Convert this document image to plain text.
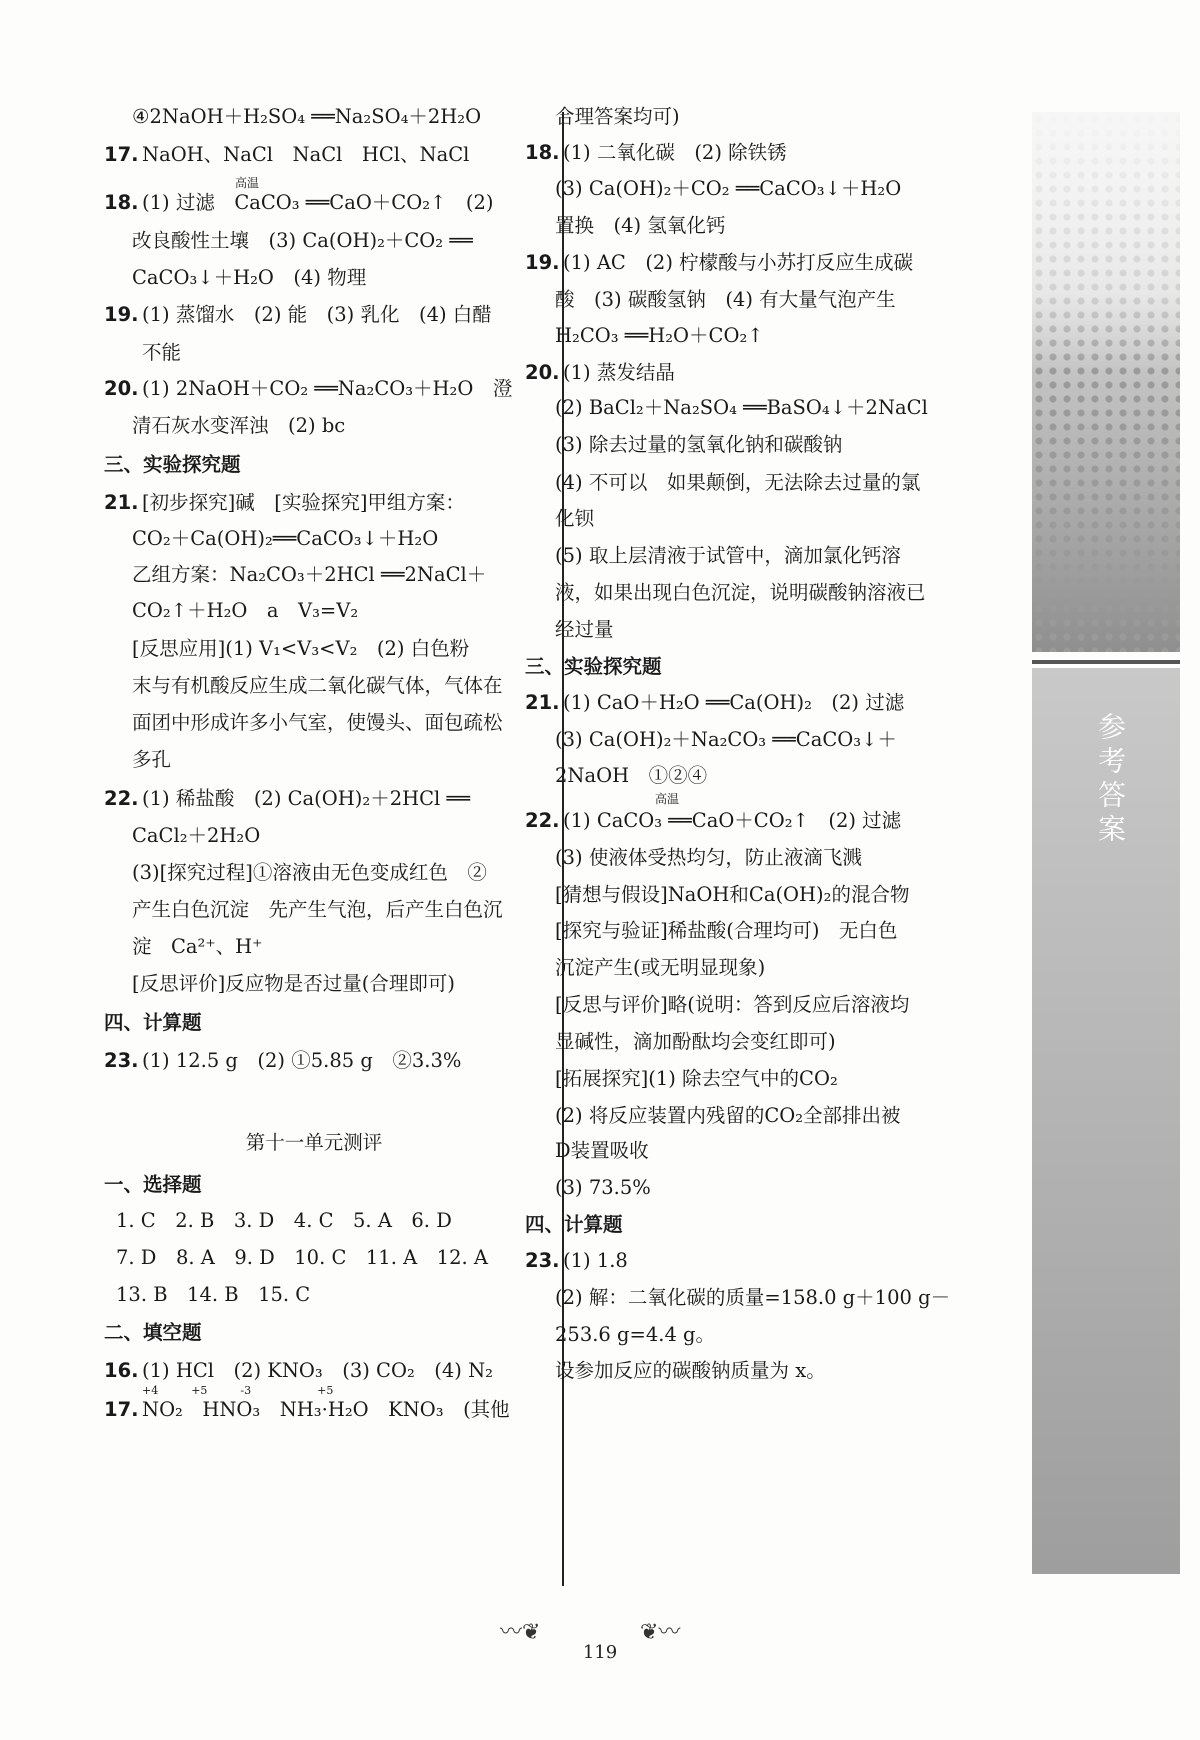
④2NaOH＋H₂SO₄ ══Na₂SO₄＋2H₂O
17. NaOH、NaCl　NaCl　HCl、NaCl
高温
18. (1) 过滤　CaCO₃ ══CaO＋CO₂↑　(2)
改良酸性土壤　(3) Ca(OH)₂＋CO₂ ══
CaCO₃↓＋H₂O　(4) 物理
19. (1) 蒸馏水　(2) 能　(3) 乳化　(4) 白醋
不能
20. (1) 2NaOH＋CO₂ ══Na₂CO₃＋H₂O　澄
清石灰水变浑浊　(2) bc
三、实验探究题
21. [初步探究]碱　[实验探究]甲组方案：
CO₂＋Ca(OH)₂══CaCO₃↓＋H₂O
乙组方案：Na₂CO₃＋2HCl ══2NaCl＋
CO₂↑＋H₂O　a　V₃=V₂
[反思应用](1) V₁<V₃<V₂　(2) 白色粉
末与有机酸反应生成二氧化碳气体，气体在
面团中形成许多小气室，使馒头、面包疏松
多孔
22. (1) 稀盐酸　(2) Ca(OH)₂＋2HCl ══
CaCl₂＋2H₂O
(3)[探究过程]①溶液由无色变成红色　②
产生白色沉淀　先产生气泡，后产生白色沉
淀　Ca²⁺、H⁺
[反思评价]反应物是否过量(合理即可)
四、计算题
23. (1) 12.5 g　(2) ①5.85 g　②3.3%
第十一单元测评
一、选择题
1. C　2. B　3. D　4. C　5. A　6. D
7. D　8. A　9. D　10. C　11. A　12. A
13. B　14. B　15. C
二、填空题
16. (1) HCl　(2) KNO₃　(3) CO₂　(4) N₂
+4　　　+5　　　-3　　　　　　+5
17. NO₂　HNO₃　NH₃·H₂O　KNO₃　(其他
合理答案均可)
18. (1) 二氧化碳　(2) 除铁锈
(3) Ca(OH)₂＋CO₂ ══CaCO₃↓＋H₂O
置换　(4) 氢氧化钙
19. (1) AC　(2) 柠檬酸与小苏打反应生成碳
酸　(3) 碳酸氢钠　(4) 有大量气泡产生
H₂CO₃ ══H₂O＋CO₂↑
20. (1) 蒸发结晶
(2) BaCl₂＋Na₂SO₄ ══BaSO₄↓＋2NaCl
(3) 除去过量的氢氧化钠和碳酸钠
(4) 不可以　如果颠倒，无法除去过量的氯
化钡
(5) 取上层清液于试管中，滴加氯化钙溶
液，如果出现白色沉淀，说明碳酸钠溶液已
经过量
三、实验探究题
21. (1) CaO＋H₂O ══Ca(OH)₂　(2) 过滤
(3) Ca(OH)₂＋Na₂CO₃ ══CaCO₃↓＋
2NaOH　①②④
高温
22. (1) CaCO₃ ══CaO＋CO₂↑　(2) 过滤
(3) 使液体受热均匀，防止液滴飞溅
[猜想与假设]NaOH和Ca(OH)₂的混合物
[探究与验证]稀盐酸(合理均可)　无白色
沉淀产生(或无明显现象)
[反思与评价]略(说明：答到反应后溶液均
显碱性，滴加酚酞均会变红即可)
[拓展探究](1) 除去空气中的CO₂
(2) 将反应装置内残留的CO₂全部排出被
D装置吸收
(3) 73.5%
四、计算题
23. (1) 1.8
(2) 解：二氧化碳的质量=158.0 g＋100 g－
253.6 g=4.4 g。
设参加反应的碳酸钠质量为 x。
参考答案
〰❦	❦〰
119
